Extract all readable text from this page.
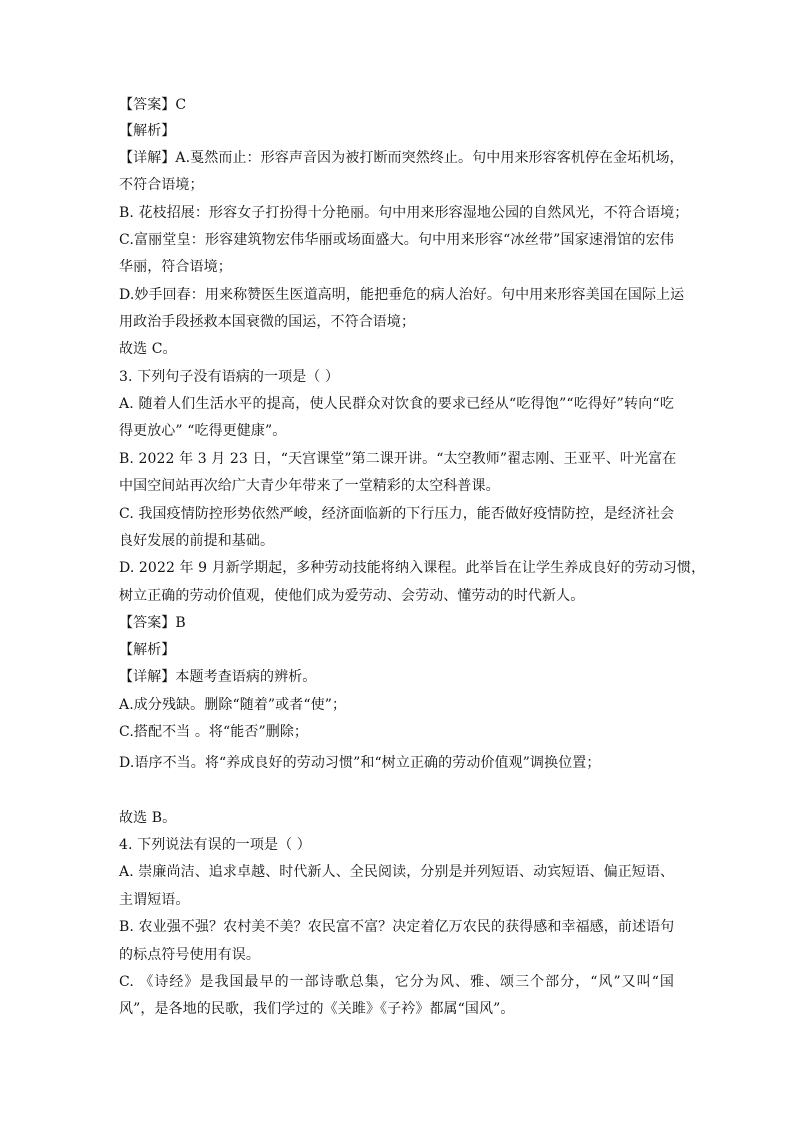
【答案】C
【解析】
【详解】A.戛然而止：形容声音因为被打断而突然终止。句中用来形容客机停在金坧机场，
不符合语境；
B. 花枝招展：形容女子打扮得十分艳丽。句中用来形容湿地公园的自然风光，不符合语境；
C.富丽堂皇：形容建筑物宏伟华丽或场面盛大。句中用来形容“冰丝带”国家速滑馆的宏伟
华丽，符合语境；
D.妙手回春：用来称赞医生医道高明，能把垂危的病人治好。句中用来形容美国在国际上运
用政治手段拯救本国衰微的国运，不符合语境；
故选 C。
3. 下列句子没有语病的一项是（ ）
A. 随着人们生活水平的提高，使人民群众对饮食的要求已经从“吃得饱”“吃得好”转向“吃
得更放心” “吃得更健康”。
B. 2022 年 3 月 23 日，“天宫课堂”第二课开讲。“太空教师”翟志刚、王亚平、叶光富在
中国空间站再次给广大青少年带来了一堂精彩的太空科普课。
C. 我国疫情防控形势依然严峻，经济面临新的下行压力，能否做好疫情防控，是经济社会
良好发展的前提和基础。
D. 2022 年 9 月新学期起，多种劳动技能将纳入课程。此举旨在让学生养成良好的劳动习惯，
树立正确的劳动价值观，使他们成为爱劳动、会劳动、懂劳动的时代新人。
【答案】B
【解析】
【详解】本题考查语病的辨析。
A.成分残缺。删除“随着”或者“使”；
C.搭配不当 。将“能否”删除；
D.语序不当。将“养成良好的劳动习惯”和“树立正确的劳动价值观”调换位置；
故选 B。
4. 下列说法有误的一项是（ ）
A. 崇廉尚洁、追求卓越、时代新人、全民阅读，分别是并列短语、动宾短语、偏正短语、
主谓短语。
B. 农业强不强？农村美不美？农民富不富？决定着亿万农民的获得感和幸福感，前述语句
的标点符号使用有误。
C. 《诗经》是我国最早的一部诗歌总集，它分为风、雅、颂三个部分，“风”又叫“国
风”，是各地的民歌，我们学过的《关雎》《子衿》都属“国风”。
